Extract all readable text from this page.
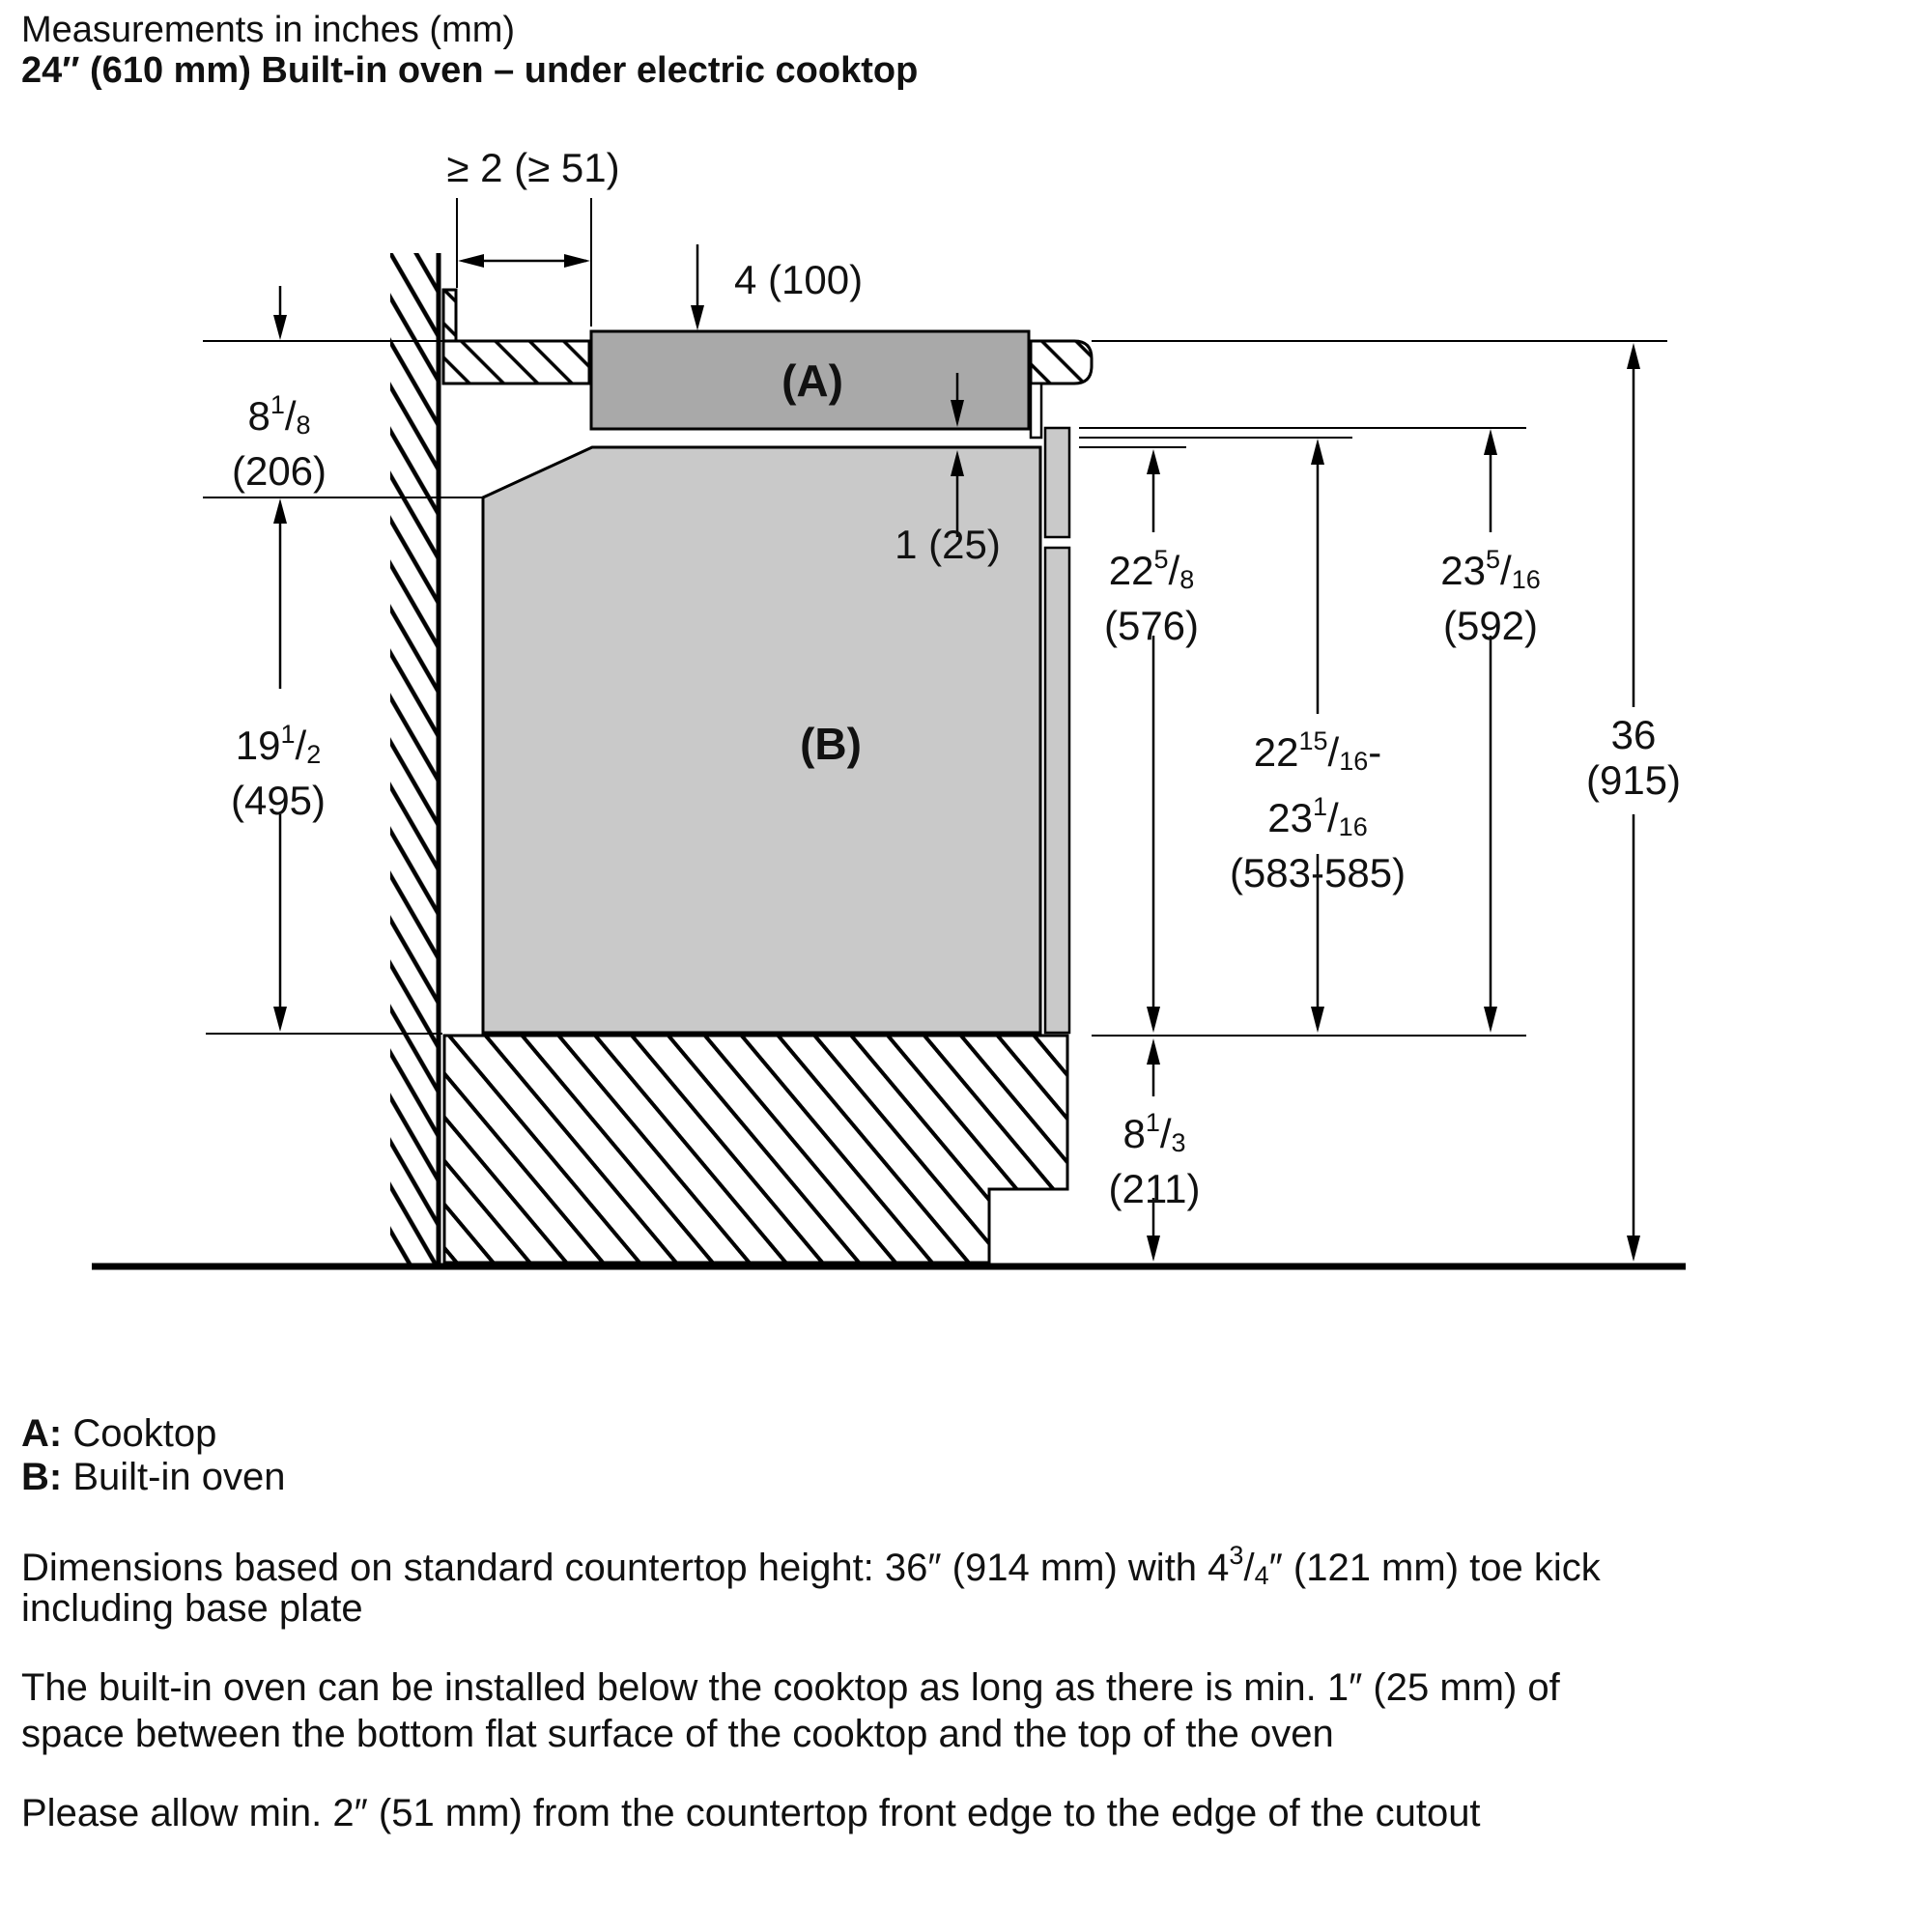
Measurements in inches (mm)
24″ (610 mm) Built-in oven – under electric cooktop
≥ 2 (≥ 51)
4 (100)
(A)
(B)
$8^1/8$
(206)
$19^1/2$
(495)
1 (25)
$22^5/8$
(576)
$23^5/16$
(592)
$22^{15}/16-$
$23^1/16$
(583-585)
36
(915)
$8^1/3$
(211)
A: Cooktop
B: Built-in oven
Dimensions based on standard countertop height: 36″ (914 mm) with $4^3/4''$ (121 mm) toe kick
including base plate
The built-in oven can be installed below the cooktop as long as there is min. 1″ (25 mm) of
space between the bottom flat surface of the cooktop and the top of the oven
Please allow min. 2″ (51 mm) from the countertop front edge to the edge of the cutout
